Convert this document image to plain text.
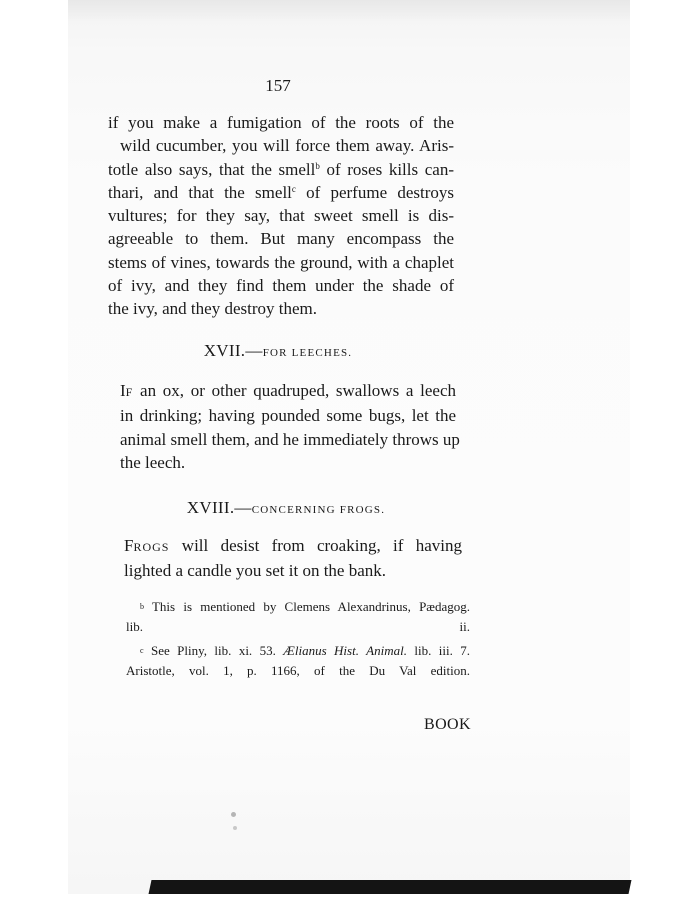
157
if you make a fumigation of the roots of the
wild cucumber, you will force them away. Aris-
totle also says, that the smell$^b$ of roses kills can-
thari, and that the smell$^c$ of perfume destroys
vultures; for they say, that sweet smell is dis-
agreeable to them. But many encompass the
stems of vines, towards the ground, with a chaplet
of ivy, and they find them under the shade of
the ivy, and they destroy them.
XVII.—FOR LEECHES.
IF an ox, or other quadruped, swallows a leech
in drinking; having pounded some bugs, let the
animal smell them, and he immediately throws up
the leech.
XVIII.—CONCERNING FROGS.
FROGS will desist from croaking, if having
lighted a candle you set it on the bank.
b This is mentioned by Clemens Alexandrinus, Pædagog.
lib. ii.
c See Pliny, lib. xi. 53. Ælianus Hist. Animal. lib. iii. 7.
Aristotle, vol. 1, p. 1166, of the Du Val edition.
BOOK
